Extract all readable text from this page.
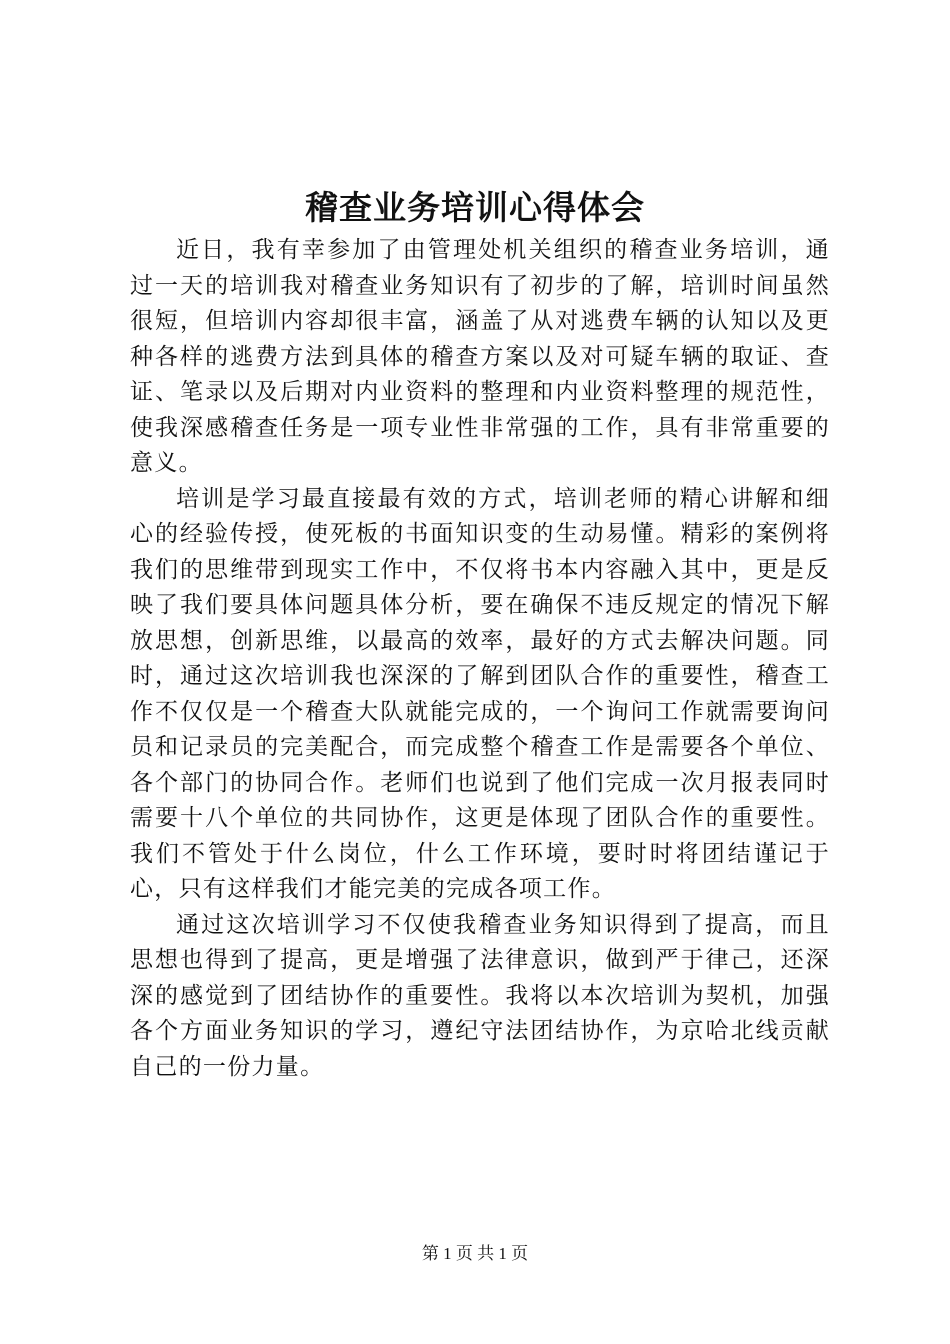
稽查业务培训心得体会

近日，我有幸参加了由管理处机关组织的稽查业务培训，通过一天的培训我对稽查业务知识有了初步的了解，培训时间虽然很短，但培训内容却很丰富，涵盖了从对逃费车辆的认知以及更种各样的逃费方法到具体的稽查方案以及对可疑车辆的取证、查证、笔录以及后期对内业资料的整理和内业资料整理的规范性，使我深感稽查任务是一项专业性非常强的工作，具有非常重要的意义。

培训是学习最直接最有效的方式，培训老师的精心讲解和细心的经验传授，使死板的书面知识变的生动易懂。精彩的案例将我们的思维带到现实工作中，不仅将书本内容融入其中，更是反映了我们要具体问题具体分析，要在确保不违反规定的情况下解放思想，创新思维，以最高的效率，最好的方式去解决问题。同时，通过这次培训我也深深的了解到团队合作的重要性，稽查工作不仅仅是一个稽查大队就能完成的，一个询问工作就需要询问员和记录员的完美配合，而完成整个稽查工作是需要各个单位、各个部门的协同合作。老师们也说到了他们完成一次月报表同时需要十八个单位的共同协作，这更是体现了团队合作的重要性。我们不管处于什么岗位，什么工作环境，要时时将团结谨记于心，只有这样我们才能完美的完成各项工作。

通过这次培训学习不仅使我稽查业务知识得到了提高，而且思想也得到了提高，更是增强了法律意识，做到严于律己，还深深的感觉到了团结协作的重要性。我将以本次培训为契机，加强各个方面业务知识的学习，遵纪守法团结协作，为京哈北线贡献自己的一份力量。

第 1 页 共 1 页
